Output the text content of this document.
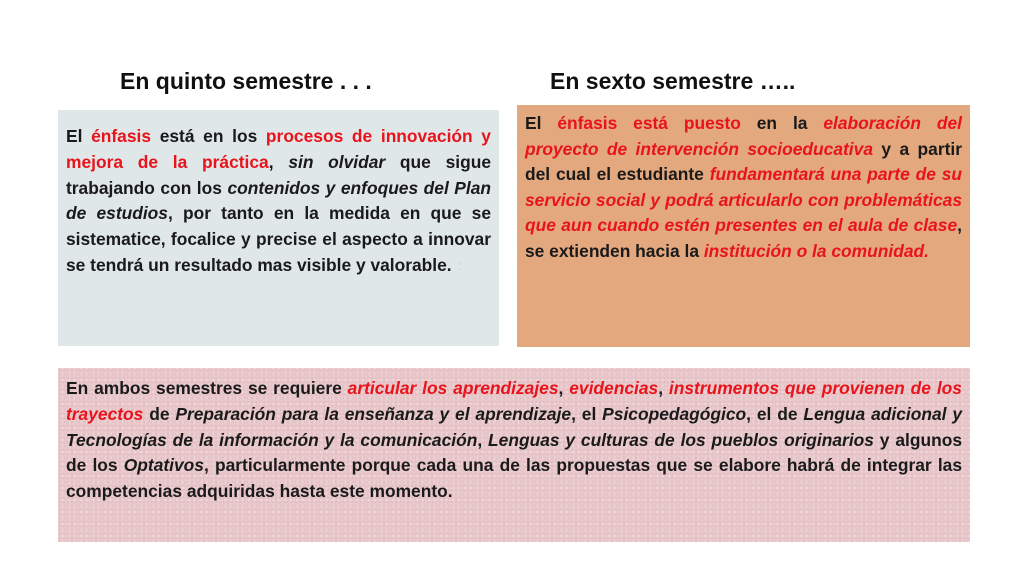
En quinto semestre . . .	En sexto semestre …..
El énfasis está en los procesos de innovación y mejora de la práctica, sin olvidar que sigue trabajando con los contenidos y enfoques del Plan de estudios, por tanto en la medida en que se sistematice, focalice y precise el aspecto a innovar se tendrá un resultado mas visible y valorable. :
El énfasis está puesto en la elaboración del proyecto de intervención socioeducativa y a partir del cual el estudiante fundamentará una parte de su servicio social y podrá articularlo con problemáticas que aun cuando estén presentes en el aula de clase, se extienden hacia la institución o la comunidad.
En ambos semestres se requiere articular los aprendizajes, evidencias, instrumentos que provienen de los trayectos de Preparación para la enseñanza y el aprendizaje, el Psicopedagógico, el de Lengua adicional y Tecnologías de la información y la comunicación, Lenguas y culturas de los pueblos originarios y algunos de los Optativos, particularmente porque cada una de las propuestas que se elabore habrá de integrar las competencias adquiridas hasta este momento.
